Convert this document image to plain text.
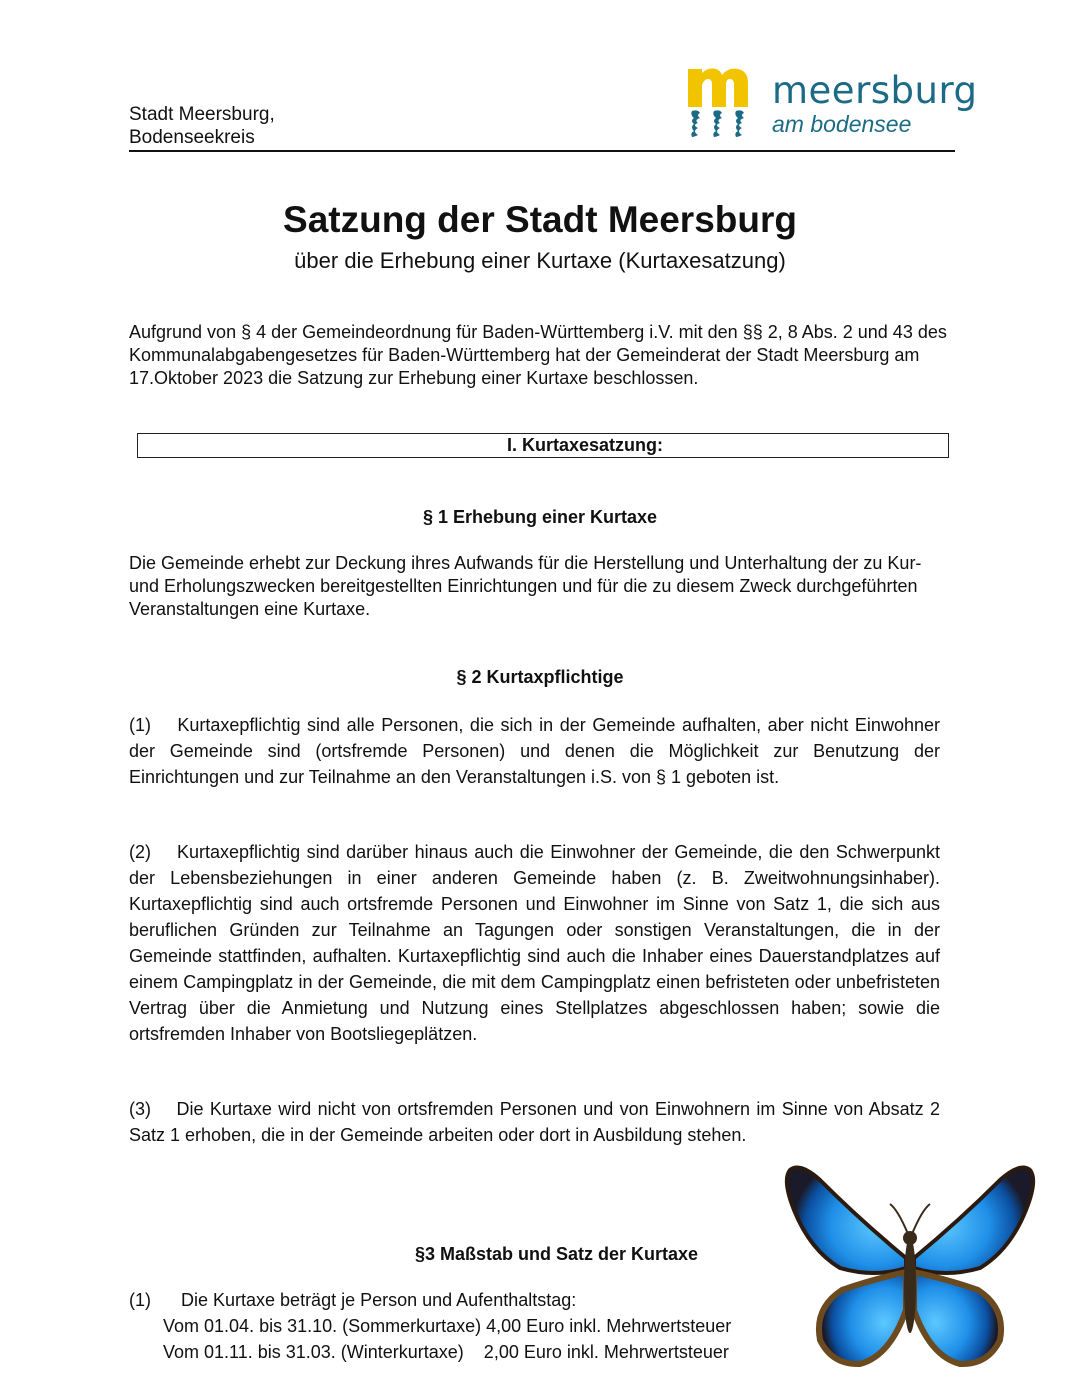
Stadt Meersburg,
Bodenseekreis
meersburg
am bodensee
Satzung der Stadt Meersburg
über die Erhebung einer Kurtaxe (Kurtaxesatzung)
Aufgrund von § 4 der Gemeindeordnung für Baden-Württemberg i.V. mit den §§ 2, 8 Abs. 2 und 43 des Kommunalabgabengesetzes für Baden-Württemberg hat der Gemeinderat der Stadt Meersburg am 17.Oktober 2023 die Satzung zur Erhebung einer Kurtaxe beschlossen.
I. Kurtaxesatzung:
§ 1 Erhebung einer Kurtaxe
Die Gemeinde erhebt zur Deckung ihres Aufwands für die Herstellung und Unterhaltung der zu Kur- und Erholungszwecken bereitgestellten Einrichtungen und für die zu diesem Zweck durchgeführten Veranstaltungen eine Kurtaxe.
§ 2 Kurtaxpflichtige
(1) Kurtaxepflichtig sind alle Personen, die sich in der Gemeinde aufhalten, aber nicht Einwohner der Gemeinde sind (ortsfremde Personen) und denen die Möglichkeit zur Benutzung der Einrichtungen und zur Teilnahme an den Veranstaltungen i.S. von § 1 geboten ist.
(2) Kurtaxepflichtig sind darüber hinaus auch die Einwohner der Gemeinde, die den Schwerpunkt der Lebensbeziehungen in einer anderen Gemeinde haben (z. B. Zweitwohnungsinhaber). Kurtaxepflichtig sind auch ortsfremde Personen und Einwohner im Sinne von Satz 1, die sich aus beruflichen Gründen zur Teilnahme an Tagungen oder sonstigen Veranstaltungen, die in der Gemeinde stattfinden, aufhalten. Kurtaxepflichtig sind auch die Inhaber eines Dauerstandplatzes auf einem Campingplatz in der Gemeinde, die mit dem Campingplatz einen befristeten oder unbefristeten Vertrag über die Anmietung und Nutzung eines Stellplatzes abgeschlossen haben; sowie die ortsfremden Inhaber von Bootsliegeplätzen.
(3) Die Kurtaxe wird nicht von ortsfremden Personen und von Einwohnern im Sinne von Absatz 2 Satz 1 erhoben, die in der Gemeinde arbeiten oder dort in Ausbildung stehen.
§3 Maßstab und Satz der Kurtaxe
(1) Die Kurtaxe beträgt je Person und Aufenthaltstag:
Vom 01.04. bis 31.10. (Sommerkurtaxe) 4,00 Euro inkl. Mehrwertsteuer
Vom 01.11. bis 31.03. (Winterkurtaxe)    2,00 Euro inkl. Mehrwertsteuer
